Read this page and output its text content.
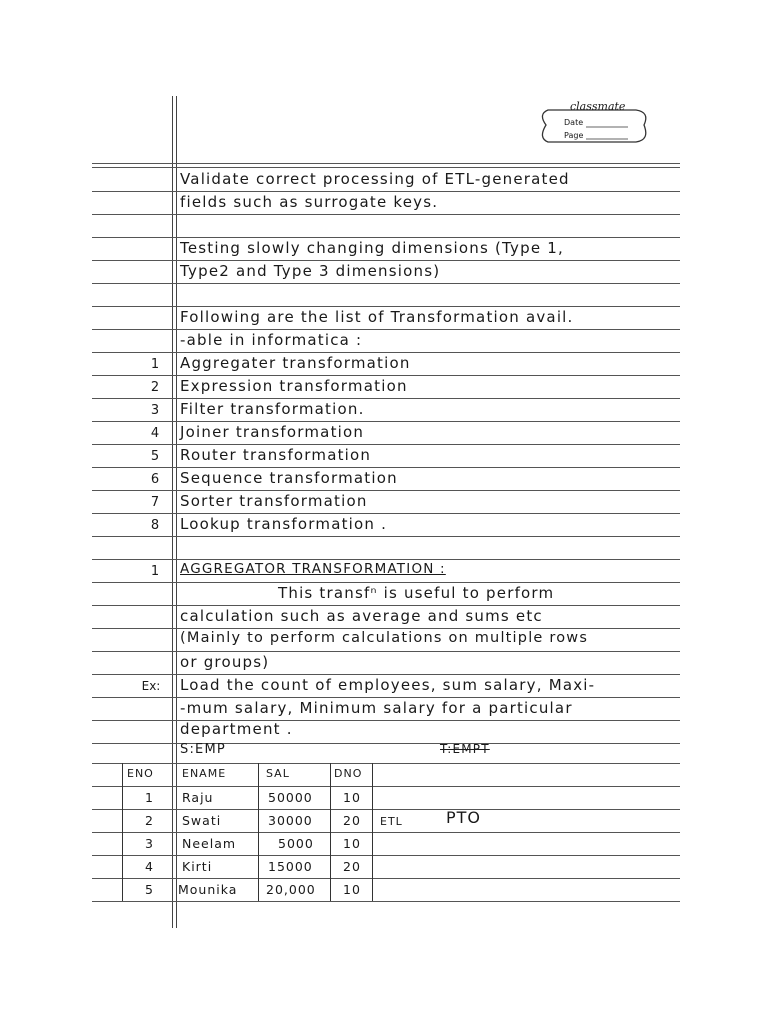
classmate
Date
Page
Validate correct processing of ETL-generated
fields such as surrogate keys.
Testing slowly changing dimensions (Type 1,
Type2 and Type 3 dimensions)
Following are the list of Transformation avail.
-able in informatica :
1	Aggregater transformation
2	Expression transformation
3	Filter transformation.
4	Joiner transformation
5	Router transformation
6	Sequence transformation
7	Sorter transformation
8	Lookup transformation .
1	AGGREGATOR TRANSFORMATION :
This transfⁿ is useful to perform
calculation such as average and sums etc
(Mainly to perform calculations on multiple rows
or groups)
Ex:	Load the count of employees, sum salary, Maxi-
-mum salary, Minimum salary for a particular
department .
S:EMP	T:EMPT
ENO	ENAME	SAL	DNO
1 Raju	50000 10
2 Swati	30000 20
3 Neelam	5000 10
4 Kirti	15000 20
5 Mounika 20,000 10
ETL	PTO
